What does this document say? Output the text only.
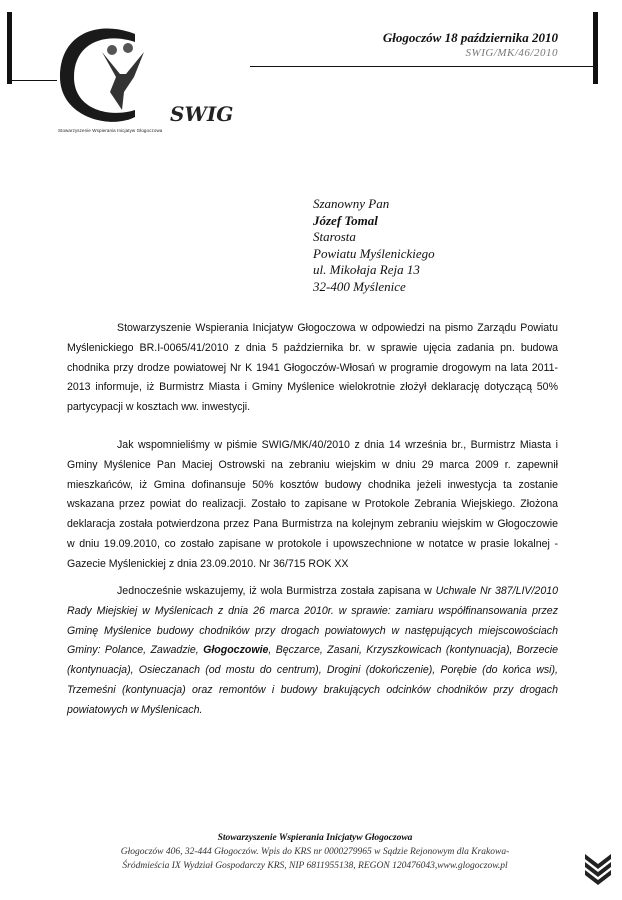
SWIG
Stowarzyszenie Wspierania Inicjatyw Głogoczowa
Głogoczów 18 października 2010
SWIG/MK/46/2010
Szanowny Pan
Józef Tomal
Starosta
Powiatu Myślenickiego
ul. Mikołaja Reja 13
32-400 Myślenice

Stowarzyszenie Wspierania Inicjatyw Głogoczowa w odpowiedzi na pismo Zarządu Powiatu Myślenickiego BR.I-0065/41/2010 z dnia 5 października br. w sprawie ujęcia zadania pn. budowa chodnika przy drodze powiatowej Nr K 1941 Głogoczów-Włosań w programie drogowym na lata 2011-2013 informuje, iż Burmistrz Miasta i Gminy Myślenice wielokrotnie złożył deklarację dotyczącą 50% partycypacji w kosztach ww. inwestycji.

Jak wspomnieliśmy w piśmie SWIG/MK/40/2010 z dnia 14 września br., Burmistrz Miasta i Gminy Myślenice Pan Maciej Ostrowski na zebraniu wiejskim w dniu 29 marca 2009 r. zapewnił mieszkańców, iż Gmina dofinansuje 50% kosztów budowy chodnika jeżeli inwestycja ta zostanie wskazana przez powiat do realizacji. Zostało to zapisane w Protokole Zebrania Wiejskiego. Złożona deklaracja została potwierdzona przez Pana Burmistrza na kolejnym zebraniu wiejskim w Głogoczowie w dniu 19.09.2010, co zostało zapisane w protokole i upowszechnione w notatce w prasie lokalnej - Gazecie Myślenickiej z dnia 23.09.2010. Nr 36/715 ROK XX

Jednocześnie wskazujemy, iż wola Burmistrza została zapisana w Uchwale Nr 387/LIV/2010 Rady Miejskiej w Myślenicach z dnia 26 marca 2010r. w sprawie: zamiaru współfinansowania przez Gminę Myślenice budowy chodników przy drogach powiatowych w następujących miejscowościach Gminy: Polance, Zawadzie, Głogoczowie, Bęczarce, Zasani, Krzyszkowicach (kontynuacja), Borzecie (kontynuacja), Osieczanach (od mostu do centrum), Drogini (dokończenie), Porębie (do końca wsi), Trzemeśni (kontynuacja) oraz remontów i budowy brakujących odcinków chodników przy drogach powiatowych w Myślenicach.

Stowarzyszenie Wspierania Inicjatyw Głogoczowa
Głogoczów 406, 32-444 Głogoczów. Wpis do KRS nr 0000279965 w Sądzie Rejonowym dla Krakowa-
Śródmieścia IX Wydział Gospodarczy KRS, NIP 6811955138, REGON 120476043,www.glogoczow.pl
